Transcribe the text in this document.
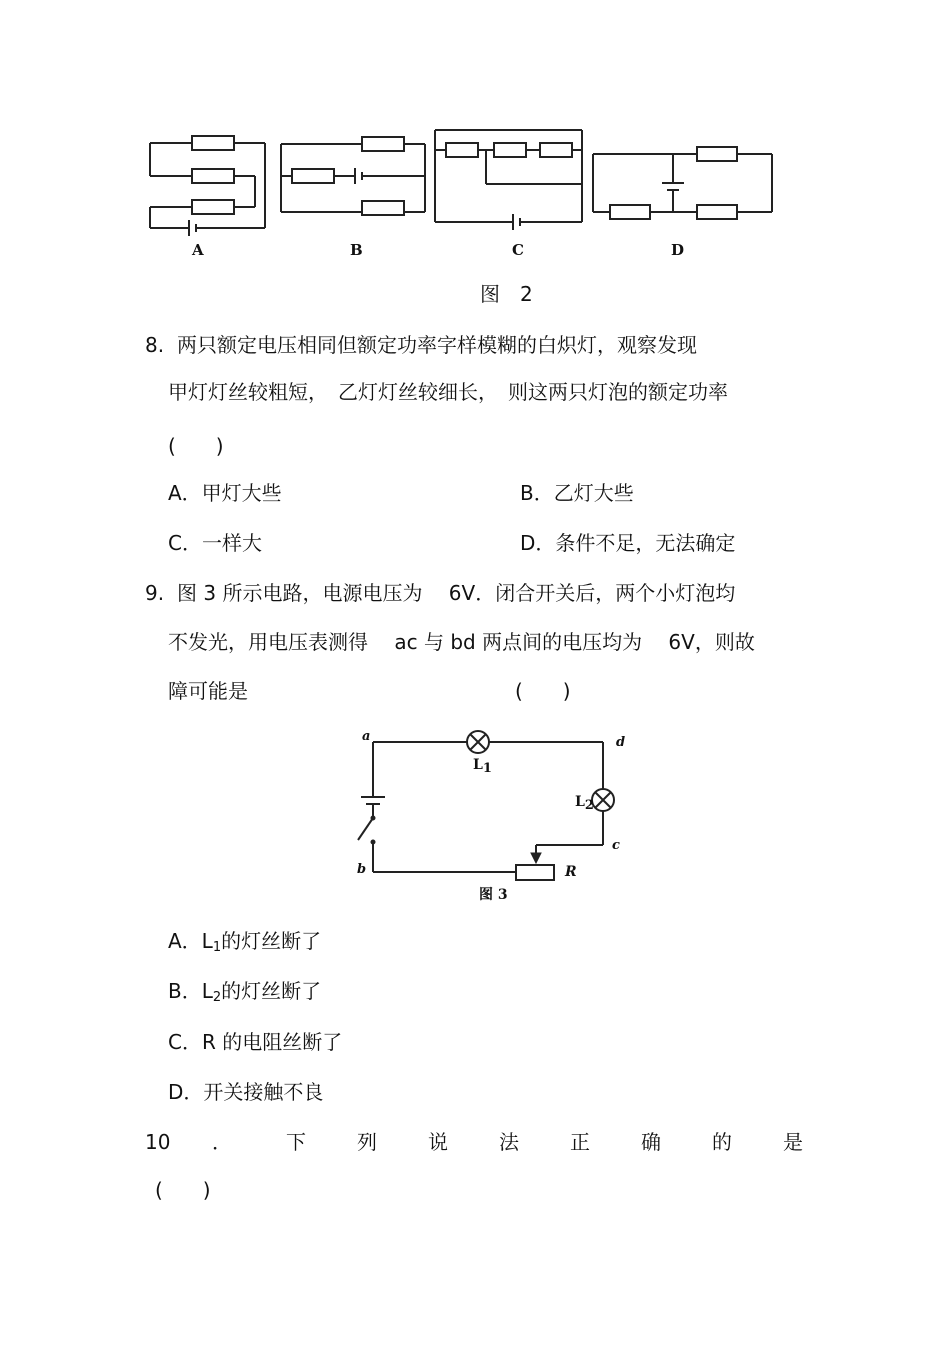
A	B	C	D
图　2
8. 两只额定电压相同但额定功率字样模糊的白炽灯，观察发现
甲灯灯丝较粗短，　乙灯灯丝较细长，　则这两只灯泡的额定功率
(　　)
A．甲灯大些	B．乙灯大些
C．一样大	D．条件不足，无法确定
9. 图 3 所示电路，电源电压为　 6V．闭合开关后，两个小灯泡均
不发光，用电压表测得　 ac 与 bd 两点间的电压均为　 6V，则故
障可能是	(　　)
a	d
c
b
$L_1$
$L_2$
R
图 3
A．$L_1$的灯丝断了
B．$L_2$的灯丝断了
C．R 的电阻丝断了
D．开关接触不良
10 ．	下	列	说	法	正	确	的	是
(　　)
